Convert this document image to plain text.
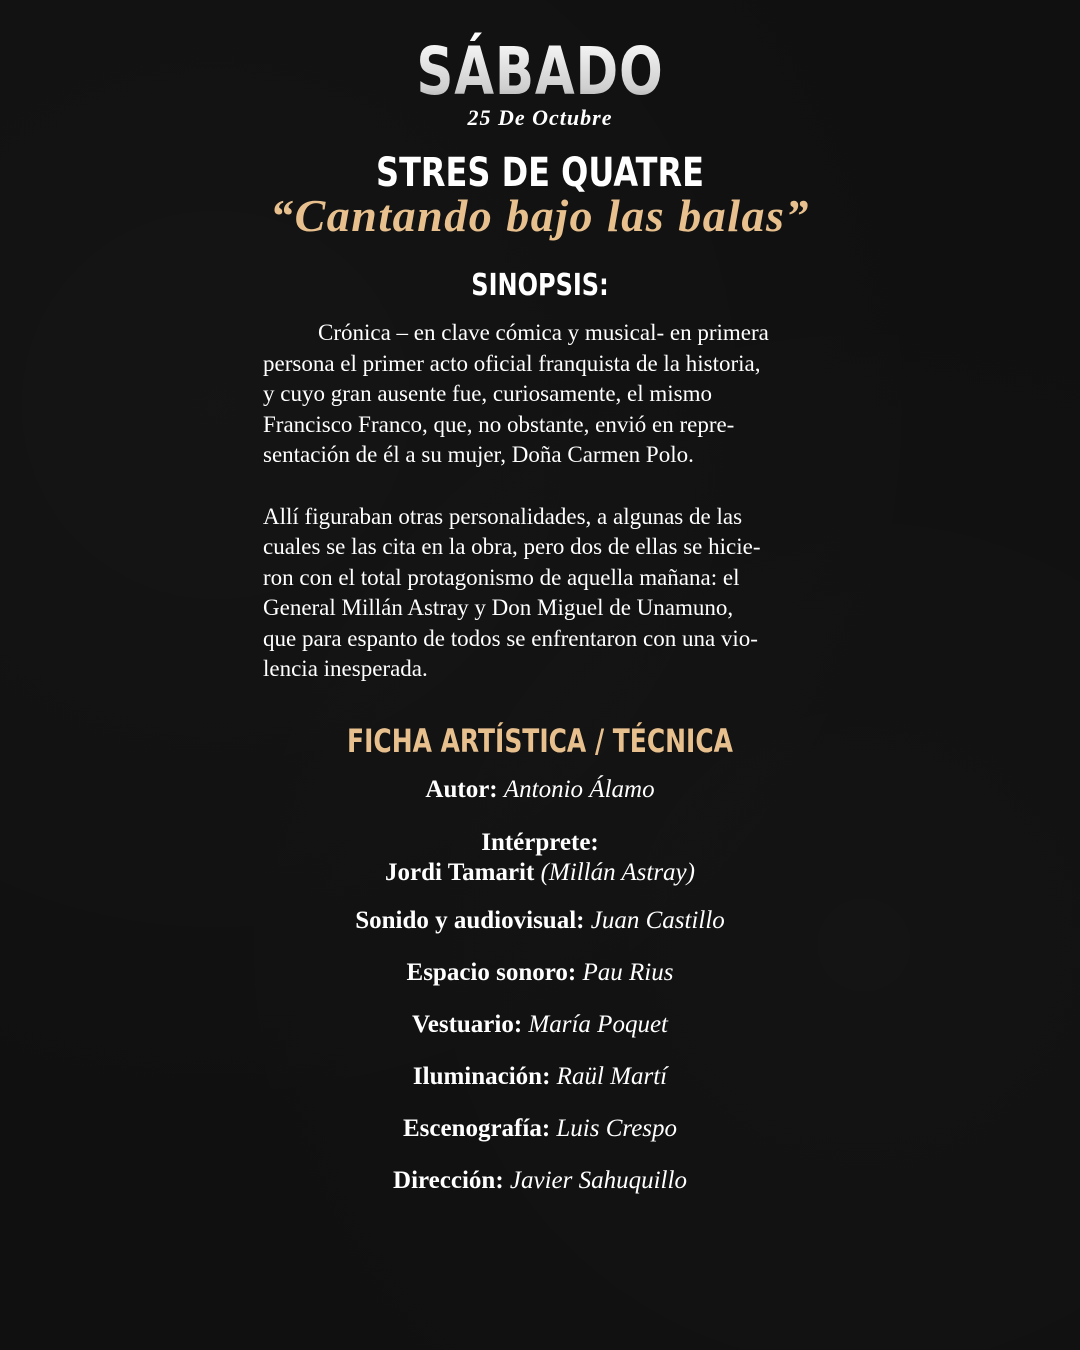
SÁBADO
25 De Octubre
STRES DE QUATRE
“Cantando bajo las balas”
SINOPSIS:
Crónica – en clave cómica y musical- en primera
persona el primer acto oficial franquista de la historia,
y cuyo gran ausente fue, curiosamente, el mismo
Francisco Franco, que, no obstante, envió en repre-
sentación de él a su mujer, Doña Carmen Polo.
Allí figuraban otras personalidades, a algunas de las
cuales se las cita en la obra, pero dos de ellas se hicie-
ron con el total protagonismo de aquella mañana: el
General Millán Astray y Don Miguel de Unamuno,
que para espanto de todos se enfrentaron con una vio-
lencia inesperada.
FICHA ARTÍSTICA / TÉCNICA
Autor: Antonio Álamo
Intérprete:
Jordi Tamarit (Millán Astray)
Sonido y audiovisual: Juan Castillo
Espacio sonoro: Pau Rius
Vestuario: María Poquet
Iluminación: Raül Martí
Escenografía: Luis Crespo
Dirección: Javier Sahuquillo
